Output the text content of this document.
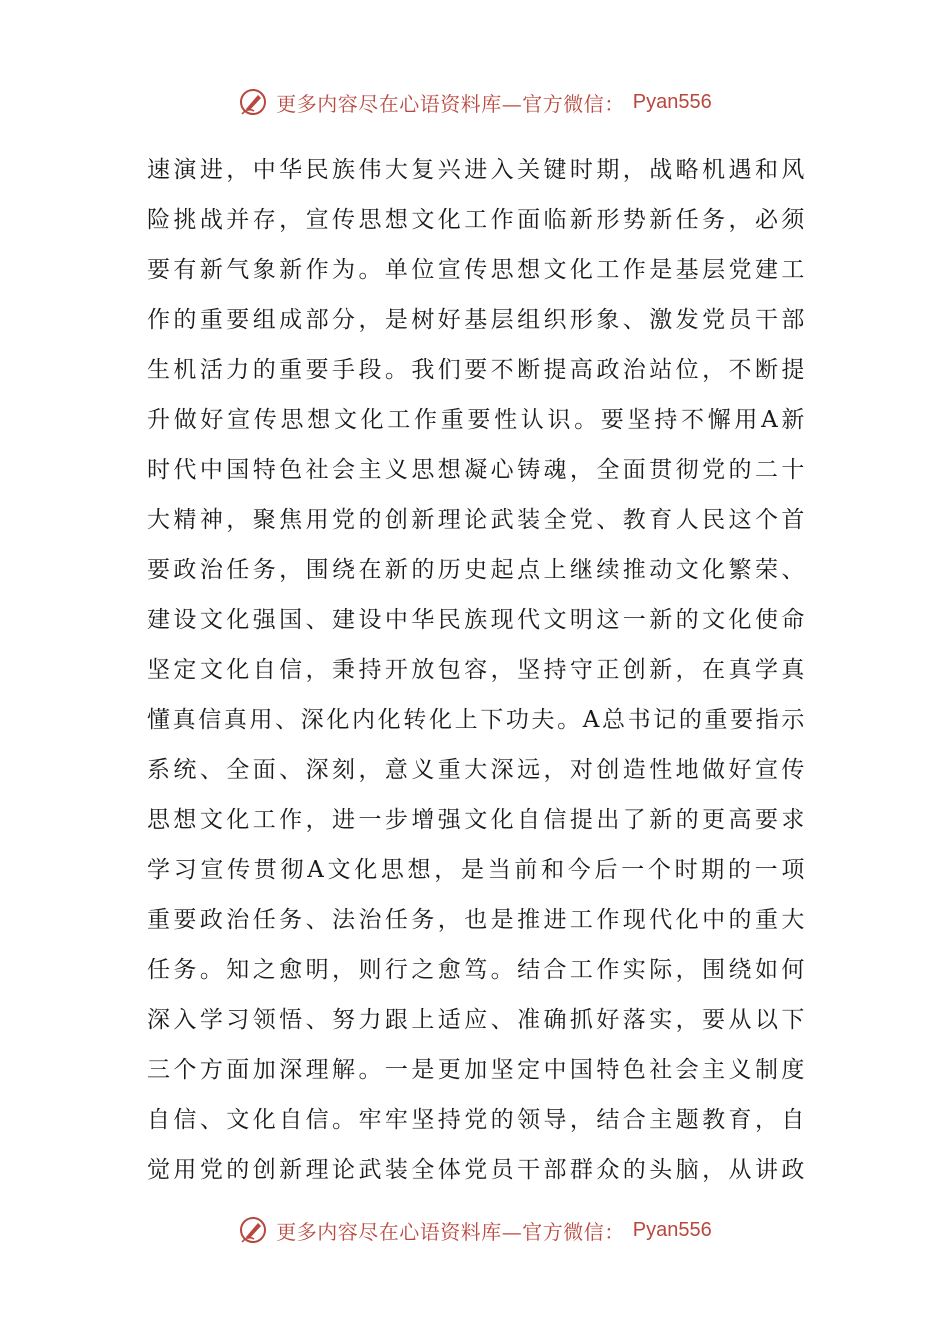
更多内容尽在心语资料库—官方微信： Pyan556
速演进，中华民族伟大复兴进入关键时期，战略机遇和风
险挑战并存，宣传思想文化工作面临新形势新任务，必须
要有新气象新作为。单位宣传思想文化工作是基层党建工
作的重要组成部分，是树好基层组织形象、激发党员干部
生机活力的重要手段。我们要不断提高政治站位，不断提
升做好宣传思想文化工作重要性认识。要坚持不懈用A新
时代中国特色社会主义思想凝心铸魂，全面贯彻党的二十
大精神，聚焦用党的创新理论武装全党、教育人民这个首
要政治任务，围绕在新的历史起点上继续推动文化繁荣、
建设文化强国、建设中华民族现代文明这一新的文化使命
坚定文化自信，秉持开放包容，坚持守正创新，在真学真
懂真信真用、深化内化转化上下功夫。A总书记的重要指示
系统、全面、深刻，意义重大深远，对创造性地做好宣传
思想文化工作，进一步增强文化自信提出了新的更高要求
学习宣传贯彻A文化思想，是当前和今后一个时期的一项
重要政治任务、法治任务，也是推进工作现代化中的重大
任务。知之愈明，则行之愈笃。结合工作实际，围绕如何
深入学习领悟、努力跟上适应、准确抓好落实，要从以下
三个方面加深理解。一是更加坚定中国特色社会主义制度
自信、文化自信。牢牢坚持党的领导，结合主题教育，自
觉用党的创新理论武装全体党员干部群众的头脑，从讲政
更多内容尽在心语资料库—官方微信： Pyan556
